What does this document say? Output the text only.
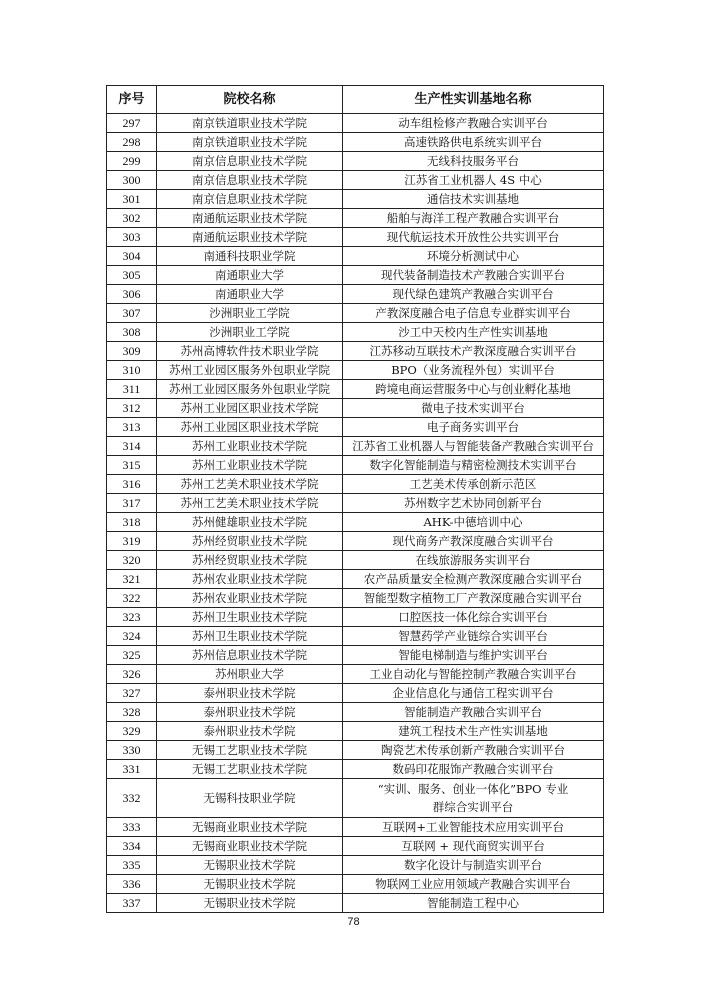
序号	院校名称	生产性实训基地名称
297	南京铁道职业技术学院	动车组检修产教融合实训平台
298	南京铁道职业技术学院	高速铁路供电系统实训平台
299	南京信息职业技术学院	无线科技服务平台
300	南京信息职业技术学院	江苏省工业机器人 4S 中心
301	南京信息职业技术学院	通信技术实训基地
302	南通航运职业技术学院	船舶与海洋工程产教融合实训平台
303	南通航运职业技术学院	现代航运技术开放性公共实训平台
304	南通科技职业学院	环境分析测试中心
305	南通职业大学	现代装备制造技术产教融合实训平台
306	南通职业大学	现代绿色建筑产教融合实训平台
307	沙洲职业工学院	产教深度融合电子信息专业群实训平台
308	沙洲职业工学院	沙工中天校内生产性实训基地
309	苏州高博软件技术职业学院	江苏移动互联技术产教深度融合实训平台
310	苏州工业园区服务外包职业学院	BPO（业务流程外包）实训平台
311	苏州工业园区服务外包职业学院	跨境电商运营服务中心与创业孵化基地
312	苏州工业园区职业技术学院	微电子技术实训平台
313	苏州工业园区职业技术学院	电子商务实训平台
314	苏州工业职业技术学院	江苏省工业机器人与智能装备产教融合实训平台
315	苏州工业职业技术学院	数字化智能制造与精密检测技术实训平台
316	苏州工艺美术职业技术学院	工艺美术传承创新示范区
317	苏州工艺美术职业技术学院	苏州数字艺术协同创新平台
318	苏州健雄职业技术学院	AHK-中德培训中心
319	苏州经贸职业技术学院	现代商务产教深度融合实训平台
320	苏州经贸职业技术学院	在线旅游服务实训平台
321	苏州农业职业技术学院	农产品质量安全检测产教深度融合实训平台
322	苏州农业职业技术学院	智能型数字植物工厂产教深度融合实训平台
323	苏州卫生职业技术学院	口腔医技一体化综合实训平台
324	苏州卫生职业技术学院	智慧药学产业链综合实训平台
325	苏州信息职业技术学院	智能电梯制造与维护实训平台
326	苏州职业大学	工业自动化与智能控制产教融合实训平台
327	泰州职业技术学院	企业信息化与通信工程实训平台
328	泰州职业技术学院	智能制造产教融合实训平台
329	泰州职业技术学院	建筑工程技术生产性实训基地
330	无锡工艺职业技术学院	陶瓷艺术传承创新产教融合实训平台
331	无锡工艺职业技术学院	数码印花服饰产教融合实训平台
332	无锡科技职业学院	“实训、服务、创业一体化”BPO 专业群综合实训平台
333	无锡商业职业技术学院	互联网+工业智能技术应用实训平台
334	无锡商业职业技术学院	互联网 + 现代商贸实训平台
335	无锡职业技术学院	数字化设计与制造实训平台
336	无锡职业技术学院	物联网工业应用领域产教融合实训平台
337	无锡职业技术学院	智能制造工程中心
78
